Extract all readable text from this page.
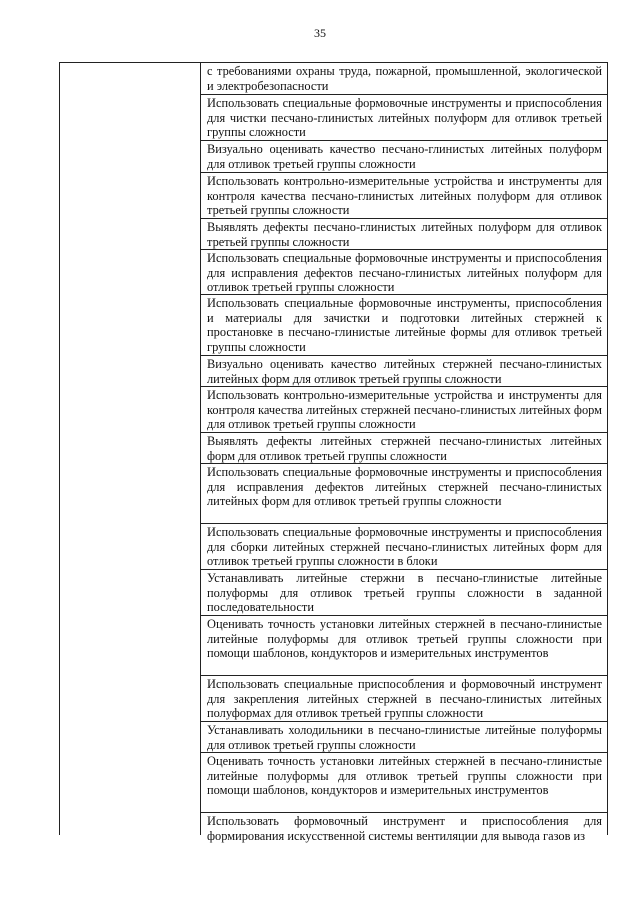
35
с требованиями охраны труда, пожарной, промышленной, экологической и электробезопасности
Использовать специальные формовочные инструменты и приспособления для чистки песчано-глинистых литейных полуформ для отливок третьей группы сложности
Визуально оценивать качество песчано-глинистых литейных полуформ для отливок третьей группы сложности
Использовать контрольно-измерительные устройства и инструменты для контроля качества песчано-глинистых литейных полуформ для отливок третьей группы сложности
Выявлять дефекты песчано-глинистых литейных полуформ для отливок третьей группы сложности
Использовать специальные формовочные инструменты и приспособления для исправления дефектов песчано-глинистых литейных полуформ для отливок третьей группы сложности
Использовать специальные формовочные инструменты, приспособления и материалы для зачистки и подготовки литейных стержней к простановке в песчано-глинистые литейные формы для отливок третьей группы сложности
Визуально оценивать качество литейных стержней песчано-глинистых литейных форм для отливок третьей группы сложности
Использовать контрольно-измерительные устройства и инструменты для контроля качества литейных стержней песчано-глинистых литейных форм для отливок третьей группы сложности
Выявлять дефекты литейных стержней песчано-глинистых литейных форм для отливок третьей группы сложности
Использовать специальные формовочные инструменты и приспособления для исправления дефектов литейных стержней песчано-глинистых литейных форм для отливок третьей группы сложности
Использовать специальные формовочные инструменты и приспособления для сборки литейных стержней песчано-глинистых литейных форм для отливок третьей группы сложности в блоки
Устанавливать литейные стержни в песчано-глинистые литейные полуформы для отливок третьей группы сложности в заданной последовательности
Оценивать точность установки литейных стержней в песчано-глинистые литейные полуформы для отливок третьей группы сложности при помощи шаблонов, кондукторов и измерительных инструментов
Использовать специальные приспособления и формовочный инструмент для закрепления литейных стержней в песчано-глинистых литейных полуформах для отливок третьей группы сложности
Устанавливать холодильники в песчано-глинистые литейные полуформы для отливок третьей группы сложности
Оценивать точность установки литейных стержней в песчано-глинистые литейные полуформы для отливок третьей группы сложности при помощи шаблонов, кондукторов и измерительных инструментов
Использовать формовочный инструмент и приспособления для формирования искусственной системы вентиляции для вывода газов из
